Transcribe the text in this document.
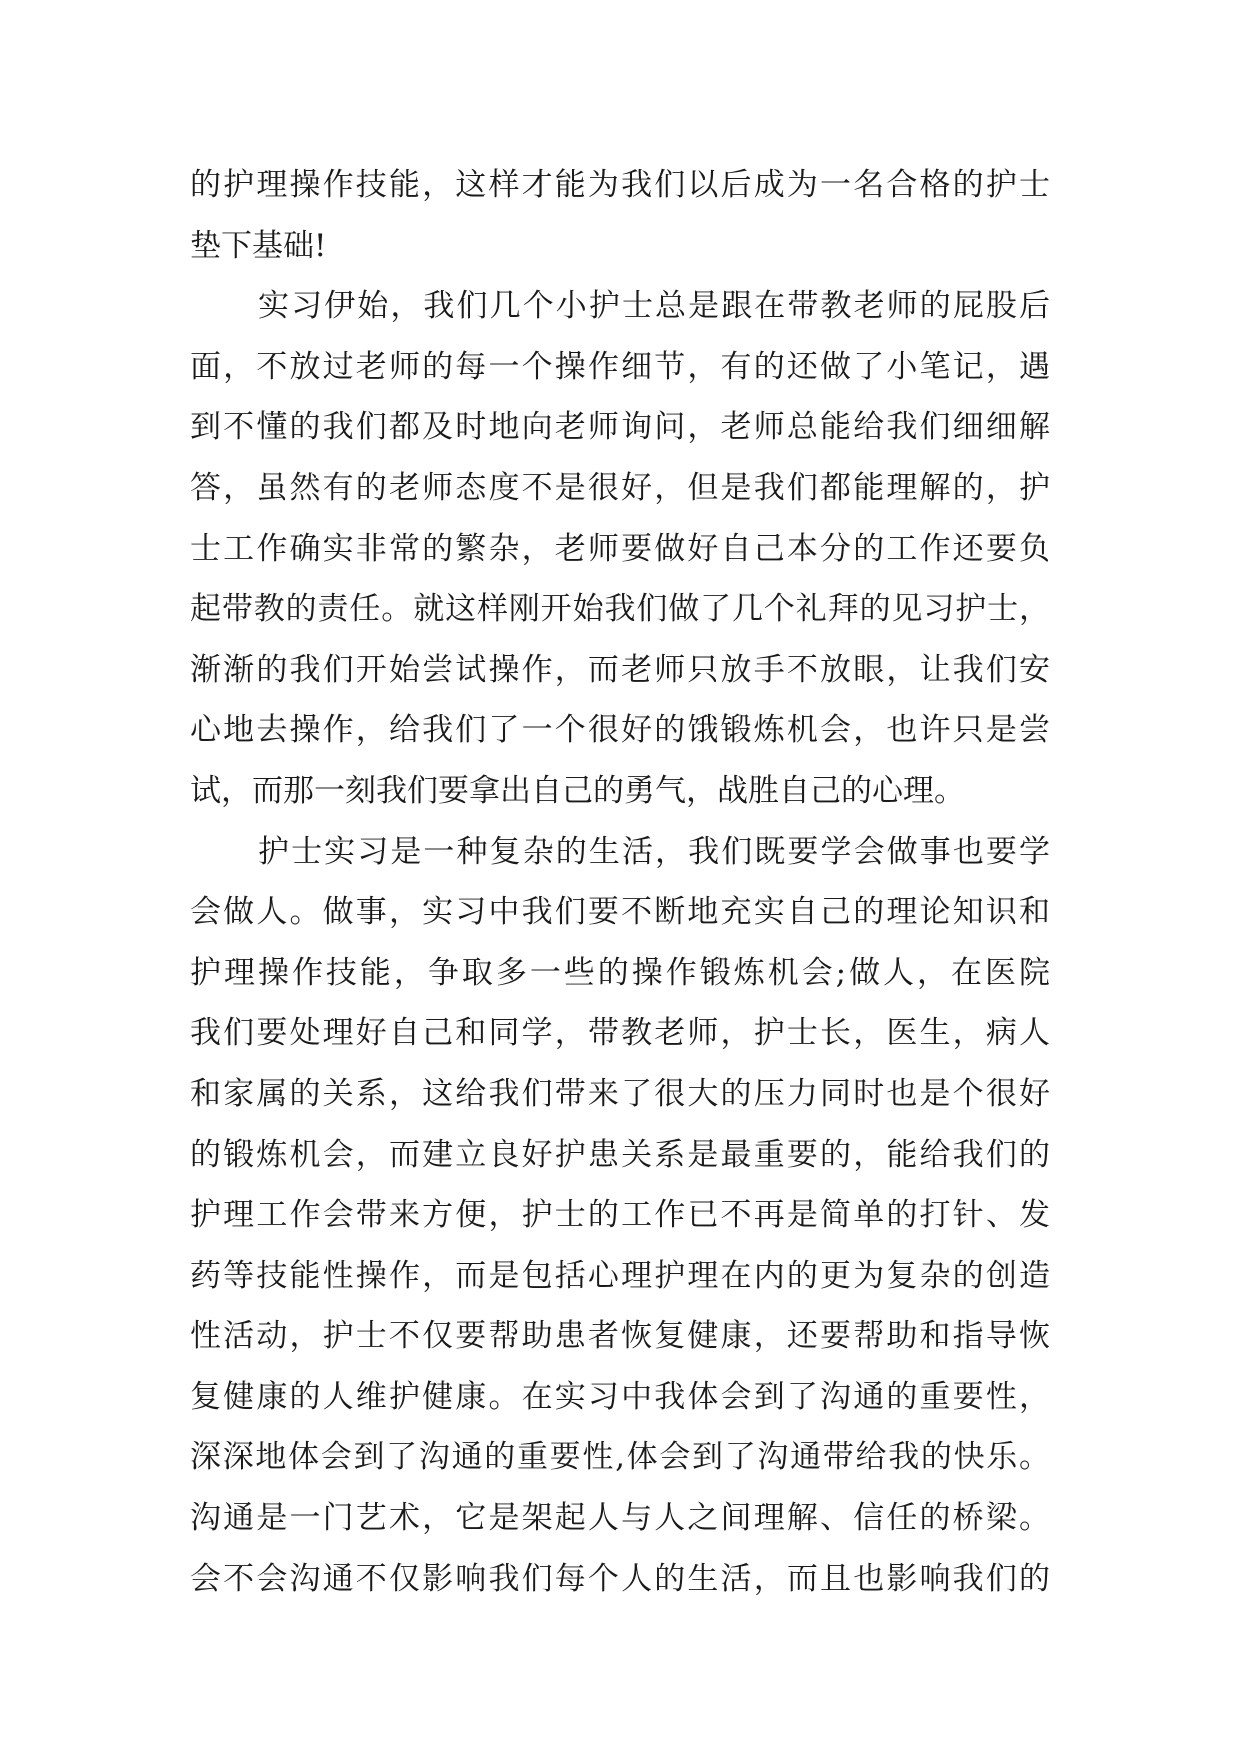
的护理操作技能，这样才能为我们以后成为一名合格的护士
垫下基础!
实习伊始，我们几个小护士总是跟在带教老师的屁股后
面，不放过老师的每一个操作细节，有的还做了小笔记，遇
到不懂的我们都及时地向老师询问，老师总能给我们细细解
答，虽然有的老师态度不是很好，但是我们都能理解的，护
士工作确实非常的繁杂，老师要做好自己本分的工作还要负
起带教的责任。就这样刚开始我们做了几个礼拜的见习护士，
渐渐的我们开始尝试操作，而老师只放手不放眼，让我们安
心地去操作，给我们了一个很好的饿锻炼机会，也许只是尝
试，而那一刻我们要拿出自己的勇气，战胜自己的心理。
护士实习是一种复杂的生活，我们既要学会做事也要学
会做人。做事，实习中我们要不断地充实自己的理论知识和
护理操作技能，争取多一些的操作锻炼机会;做人，在医院
我们要处理好自己和同学，带教老师，护士长，医生，病人
和家属的关系，这给我们带来了很大的压力同时也是个很好
的锻炼机会，而建立良好护患关系是最重要的，能给我们的
护理工作会带来方便，护士的工作已不再是简单的打针、发
药等技能性操作，而是包括心理护理在内的更为复杂的创造
性活动，护士不仅要帮助患者恢复健康，还要帮助和指导恢
复健康的人维护健康。在实习中我体会到了沟通的重要性，
深深地体会到了沟通的重要性,体会到了沟通带给我的快乐。
沟通是一门艺术，它是架起人与人之间理解、信任的桥梁。
会不会沟通不仅影响我们每个人的生活，而且也影响我们的
